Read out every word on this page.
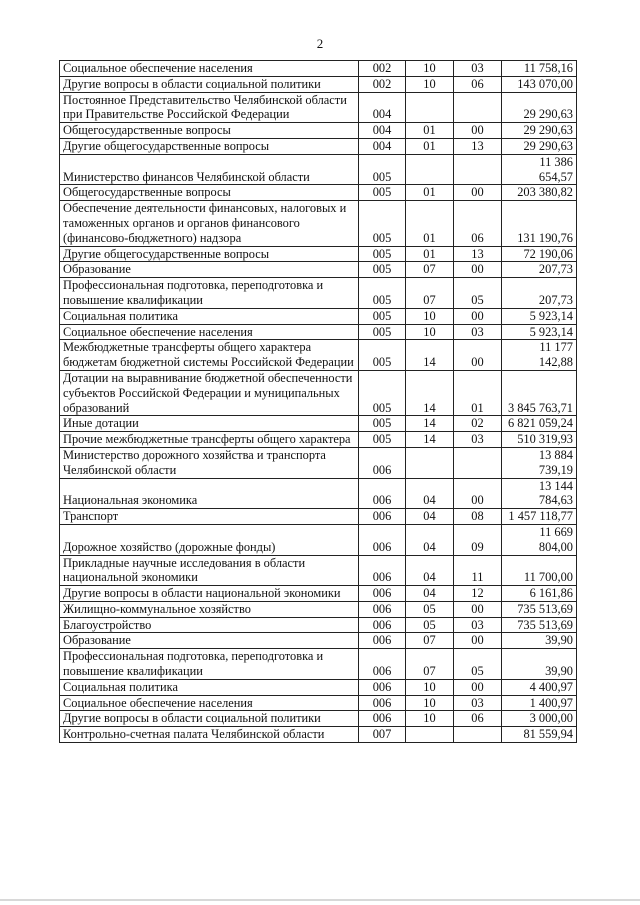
2
Социальное обеспечение населения	002	10	03	11 758,16
Другие вопросы в области социальной политики	002	10	06	143 070,00
Постоянное Представительство Челябинской области при Правительстве Российской Федерации	004			29 290,63
Общегосударственные вопросы	004	01	00	29 290,63
Другие общегосударственные вопросы	004	01	13	29 290,63
Министерство финансов Челябинской области	005			11 386 654,57
Общегосударственные вопросы	005	01	00	203 380,82
Обеспечение деятельности финансовых, налоговых и таможенных органов и органов финансового (финансово-бюджетного) надзора	005	01	06	131 190,76
Другие общегосударственные вопросы	005	01	13	72 190,06
Образование	005	07	00	207,73
Профессиональная подготовка, переподготовка и повышение квалификации	005	07	05	207,73
Социальная политика	005	10	00	5 923,14
Социальное обеспечение населения	005	10	03	5 923,14
Межбюджетные трансферты общего характера бюджетам бюджетной системы Российской Федерации	005	14	00	11 177 142,88
Дотации на выравнивание бюджетной обеспеченности субъектов Российской Федерации и муниципальных образований	005	14	01	3 845 763,71
Иные дотации	005	14	02	6 821 059,24
Прочие межбюджетные трансферты общего характера	005	14	03	510 319,93
Министерство дорожного хозяйства и транспорта Челябинской области	006			13 884 739,19
Национальная экономика	006	04	00	13 144 784,63
Транспорт	006	04	08	1 457 118,77
Дорожное хозяйство (дорожные фонды)	006	04	09	11 669 804,00
Прикладные научные исследования в области национальной экономики	006	04	11	11 700,00
Другие вопросы в области национальной экономики	006	04	12	6 161,86
Жилищно-коммунальное хозяйство	006	05	00	735 513,69
Благоустройство	006	05	03	735 513,69
Образование	006	07	00	39,90
Профессиональная подготовка, переподготовка и повышение квалификации	006	07	05	39,90
Социальная политика	006	10	00	4 400,97
Социальное обеспечение населения	006	10	03	1 400,97
Другие вопросы в области социальной политики	006	10	06	3 000,00
Контрольно-счетная палата Челябинской области	007			81 559,94
